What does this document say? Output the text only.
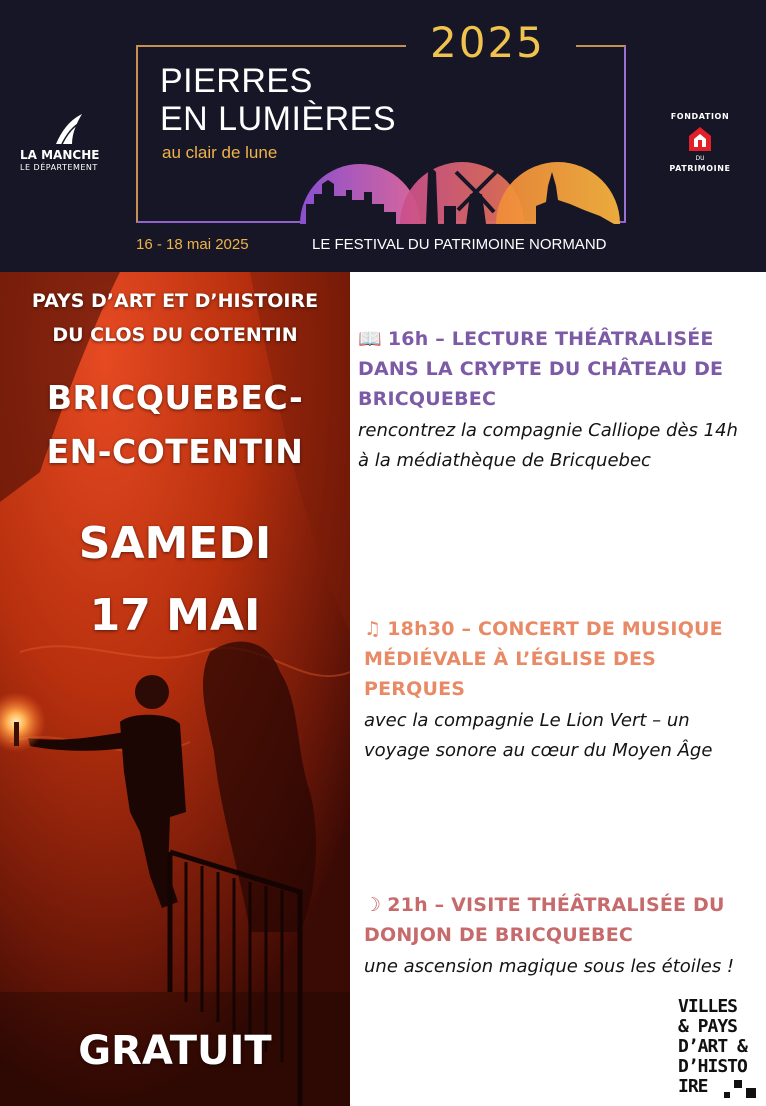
2025
PIERRES
EN LUMIÈRES
au clair de lune
16 - 18 mai 2025	LE FESTIVAL DU PATRIMOINE NORMAND
LA MANCHE
LE DÉPARTEMENT
FONDATION
DU
PATRIMOINE
PAYS D’ART ET D’HISTOIRE
DU CLOS DU COTENTIN
BRICQUEBEC-
EN-COTENTIN
SAMEDI
17 MAI
GRATUIT
📖 16h – LECTURE THÉÂTRALISÉE DANS LA CRYPTE DU CHÂTEAU DE BRICQUEBEC
rencontrez la compagnie Calliope dès 14h à la médiathèque de Bricquebec
♫ 18h30 – CONCERT DE MUSIQUE MÉDIÉVALE À L’ÉGLISE DES PERQUES
avec la compagnie Le Lion Vert – un voyage sonore au cœur du Moyen Âge
☽ 21h – VISITE THÉÂTRALISÉE DU DONJON DE BRICQUEBEC
une ascension magique sous les étoiles !
VILLES
& PAYS
D’ART &
D’HISTO
IRE
